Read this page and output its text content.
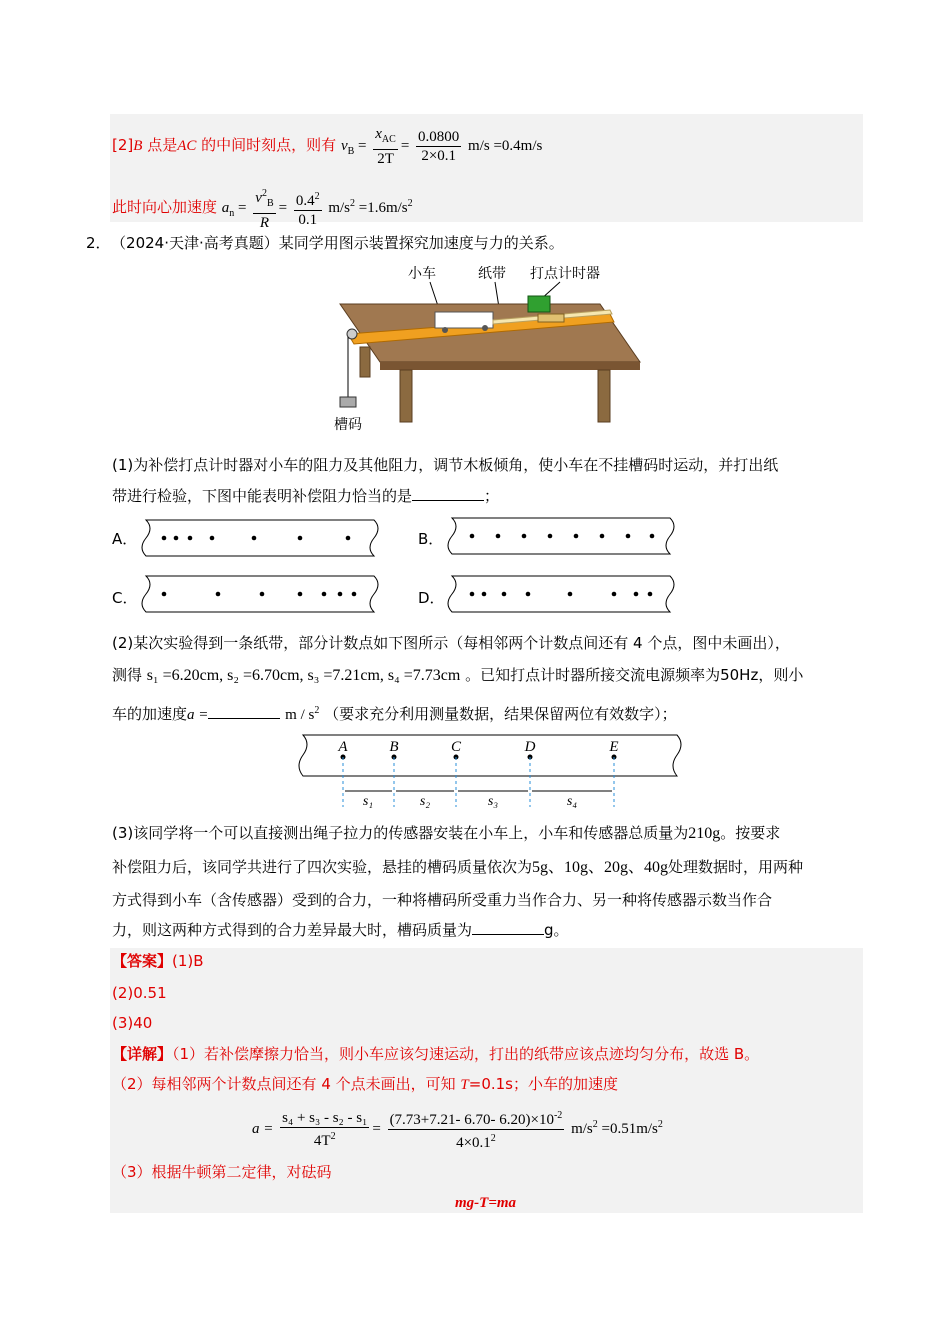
[2]B 点是AC 的中间时刻点，则有 $v_B = \frac{x_{AC}}{2T} = \frac{0.0800}{2\times 0.1} m/s =0.4m/s$
此时向心加速度 $a_n = \frac{v^2_B}{R} = \frac{0.4^2}{0.1} m/s^2 =1.6m/s^2$
2． （2024·天津·高考真题）某同学用图示装置探究加速度与力的关系。
小车	纸带 打点计时器
槽码
(1)为补偿打点计时器对小车的阻力及其他阻力，调节木板倾角，使小车在不挂槽码时运动，并打出纸
带进行检验，下图中能表明补偿阻力恰当的是	；
A．	B．
C．	D．
(2)某次实验得到一条纸带，部分计数点如下图所示（每相邻两个计数点间还有 4 个点，图中未画出），
测得 s₁ =6.20cm, s₂ =6.70cm, s₃ =7.21cm, s₄ =7.73cm 。已知打点计时器所接交流电源频率为50Hz，则小
车的加速度a =	m / $s^2$ （要求充分利用测量数据，结果保留两位有效数字）；
A	B	C	D	E
s₁	s₂	s₃	s₄
(3)该同学将一个可以直接测出绳子拉力的传感器安装在小车上，小车和传感器总质量为210g。按要求
补偿阻力后，该同学共进行了四次实验，悬挂的槽码质量依次为5g、10g、20g、40g处理数据时，用两种
方式得到小车（含传感器）受到的合力，一种将槽码所受重力当作合力、另一种将传感器示数当作合
力，则这两种方式得到的合力差异最大时，槽码质量为	g。
【答案】(1)B
(2)0.51
(3)40
【详解】（1）若补偿摩擦力恰当，则小车应该匀速运动，打出的纸带应该点迹均匀分布，故选 B。
（2）每相邻两个计数点间还有 4 个点未画出，可知 T=0.1s；小车的加速度
$a = \frac{\text{s₄ + s₃ - s₂ - s₁}}{4T^2} = \frac{(7.73+7.21- 6.70- 6.20)\times 10^{-2}}{4\times 0.1^2} m/s^2 =0.51m/s^2$
（3）根据牛顿第二定律，对砝码
mg-T=ma
